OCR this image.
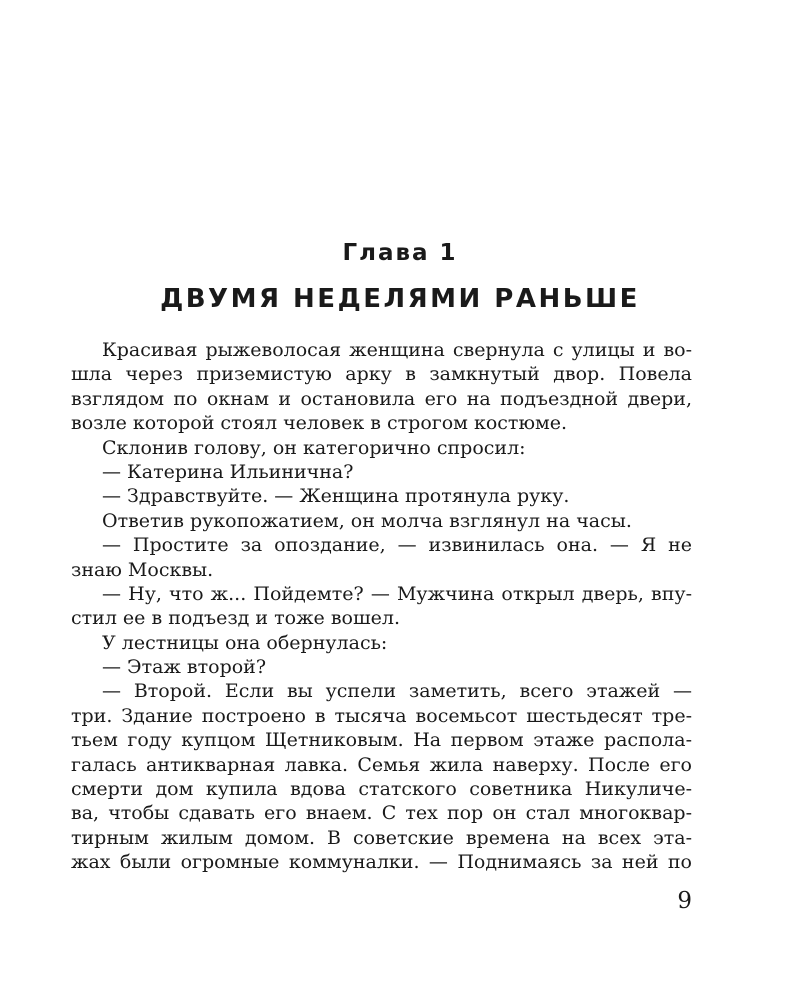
Глава 1
ДВУМЯ НЕДЕЛЯМИ РАНЬШЕ
Красивая рыжеволосая женщина свернула с улицы и во-
шла через приземистую арку в замкнутый двор. Повела
взглядом по окнам и остановила его на подъездной двери,
возле которой стоял человек в строгом костюме.
Склонив голову, он категорично спросил:
— Катерина Ильинична?
— Здравствуйте. — Женщина протянула руку.
Ответив рукопожатием, он молча взглянул на часы.
— Простите за опоздание, — извинилась она. — Я не
знаю Москвы.
— Ну, что ж... Пойдемте? — Мужчина открыл дверь, впу-
стил ее в подъезд и тоже вошел.
У лестницы она обернулась:
— Этаж второй?
— Второй. Если вы успели заметить, всего этажей —
три. Здание построено в тысяча восемьсот шестьдесят тре-
тьем году купцом Щетниковым. На первом этаже распола-
галась антикварная лавка. Семья жила наверху. После его
смерти дом купила вдова статского советника Никуличе-
ва, чтобы сдавать его внаем. С тех пор он стал многоквар-
тирным жилым домом. В советские времена на всех эта-
жах были огромные коммуналки. — Поднимаясь за ней по
9
